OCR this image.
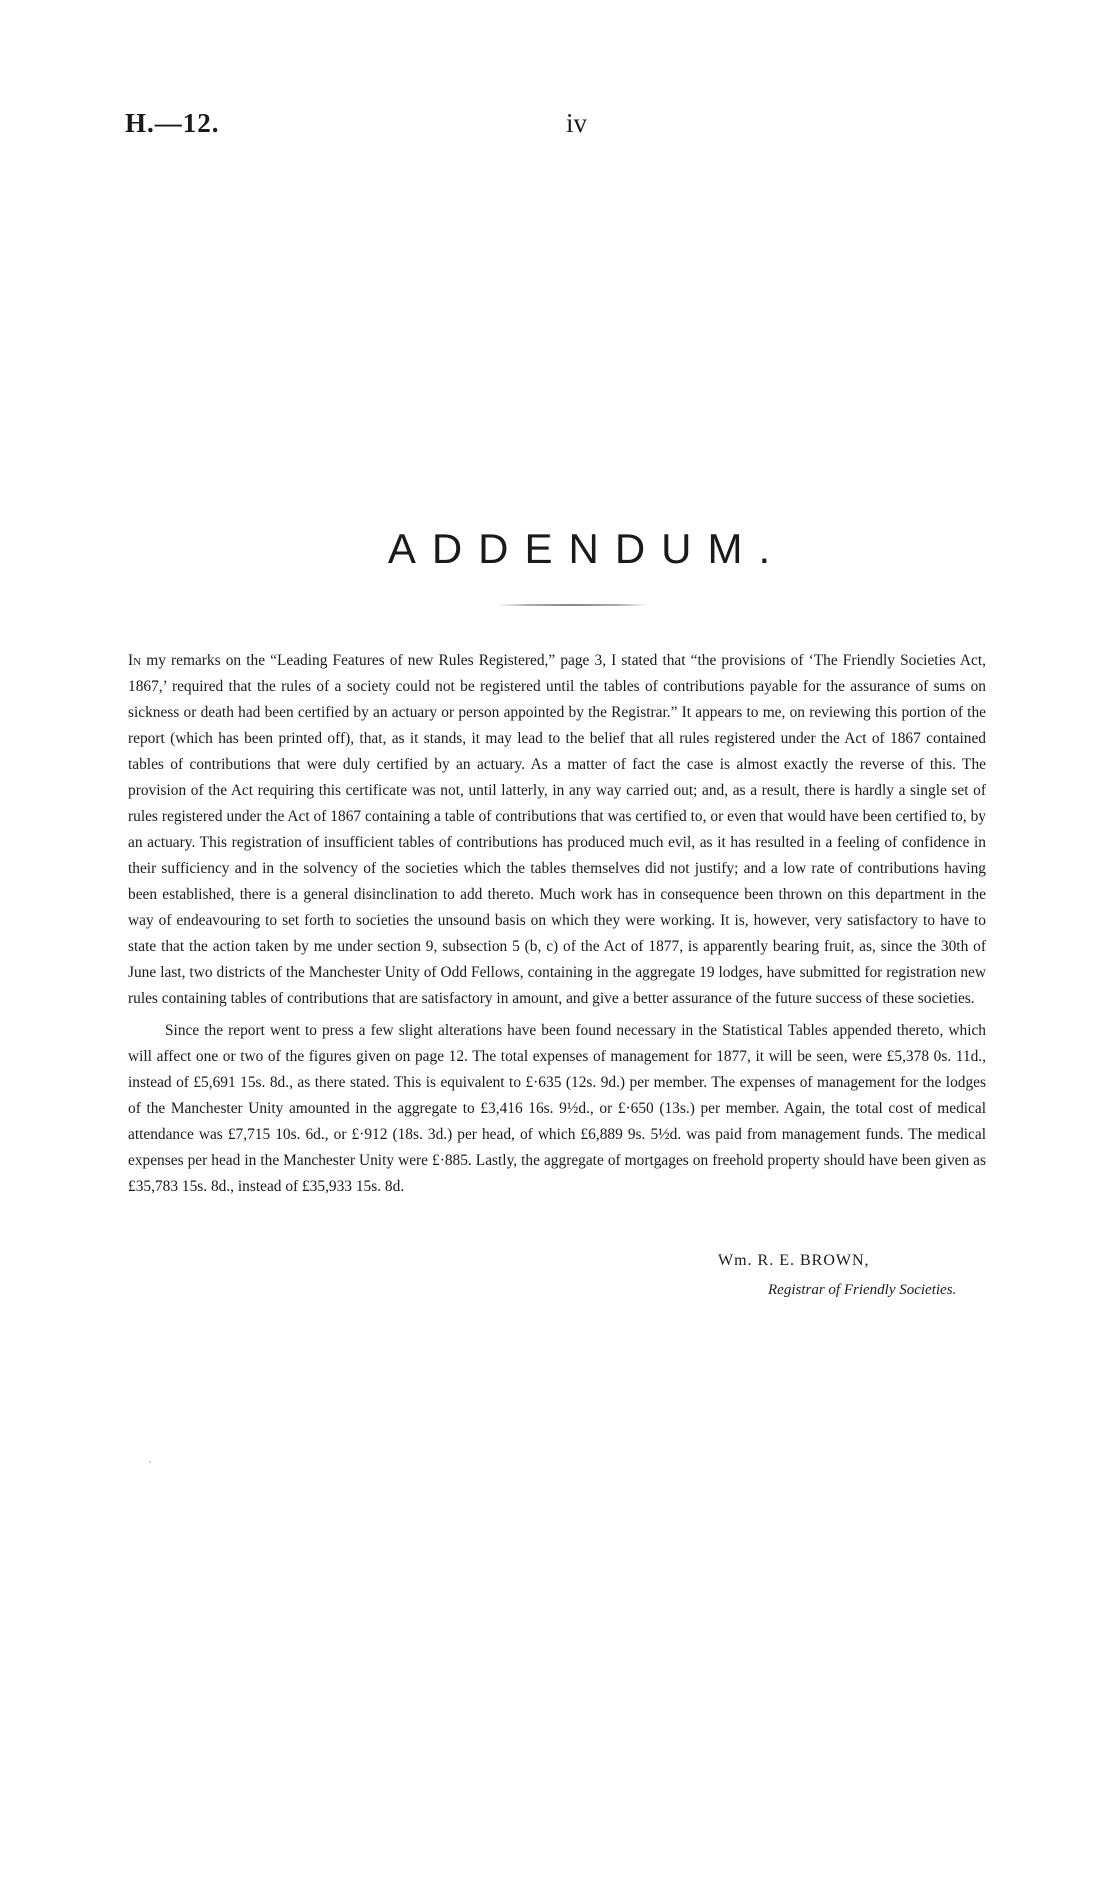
H.—12.	iv
ADDENDUM.

In my remarks on the “Leading Features of new Rules Registered,” page 3, I stated that “the provisions of ‘The Friendly Societies Act, 1867,’ required that the rules of a society could not be registered until the tables of contributions payable for the assurance of sums on sickness or death had been certified by an actuary or person appointed by the Registrar.” It appears to me, on reviewing this portion of the report (which has been printed off), that, as it stands, it may lead to the belief that all rules registered under the Act of 1867 contained tables of contributions that were duly certified by an actuary. As a matter of fact the case is almost exactly the reverse of this. The provision of the Act requiring this certificate was not, until latterly, in any way carried out; and, as a result, there is hardly a single set of rules registered under the Act of 1867 containing a table of contributions that was certified to, or even that would have been certified to, by an actuary. This registration of insufficient tables of contributions has produced much evil, as it has resulted in a feeling of confidence in their sufficiency and in the solvency of the societies which the tables themselves did not justify; and a low rate of contributions having been established, there is a general disinclination to add thereto. Much work has in consequence been thrown on this department in the way of endeavouring to set forth to societies the unsound basis on which they were working. It is, however, very satisfactory to have to state that the action taken by me under section 9, subsection 5 (b, c) of the Act of 1877, is apparently bearing fruit, as, since the 30th of June last, two districts of the Manchester Unity of Odd Fellows, containing in the aggregate 19 lodges, have submitted for registration new rules containing tables of contributions that are satisfactory in amount, and give a better assurance of the future success of these societies.

Since the report went to press a few slight alterations have been found necessary in the Statistical Tables appended thereto, which will affect one or two of the figures given on page 12. The total expenses of management for 1877, it will be seen, were £5,378 0s. 11d., instead of £5,691 15s. 8d., as there stated. This is equivalent to £·635 (12s. 9d.) per member. The expenses of management for the lodges of the Manchester Unity amounted in the aggregate to £3,416 16s. 9½d., or £·650 (13s.) per member. Again, the total cost of medical attendance was £7,715 10s. 6d., or £·912 (18s. 3d.) per head, of which £6,889 9s. 5½d. was paid from management funds. The medical expenses per head in the Manchester Unity were £·885. Lastly, the aggregate of mortgages on freehold property should have been given as £35,783 15s. 8d., instead of £35,933 15s. 8d.

Wm. R. E. BROWN,
Registrar of Friendly Societies.
